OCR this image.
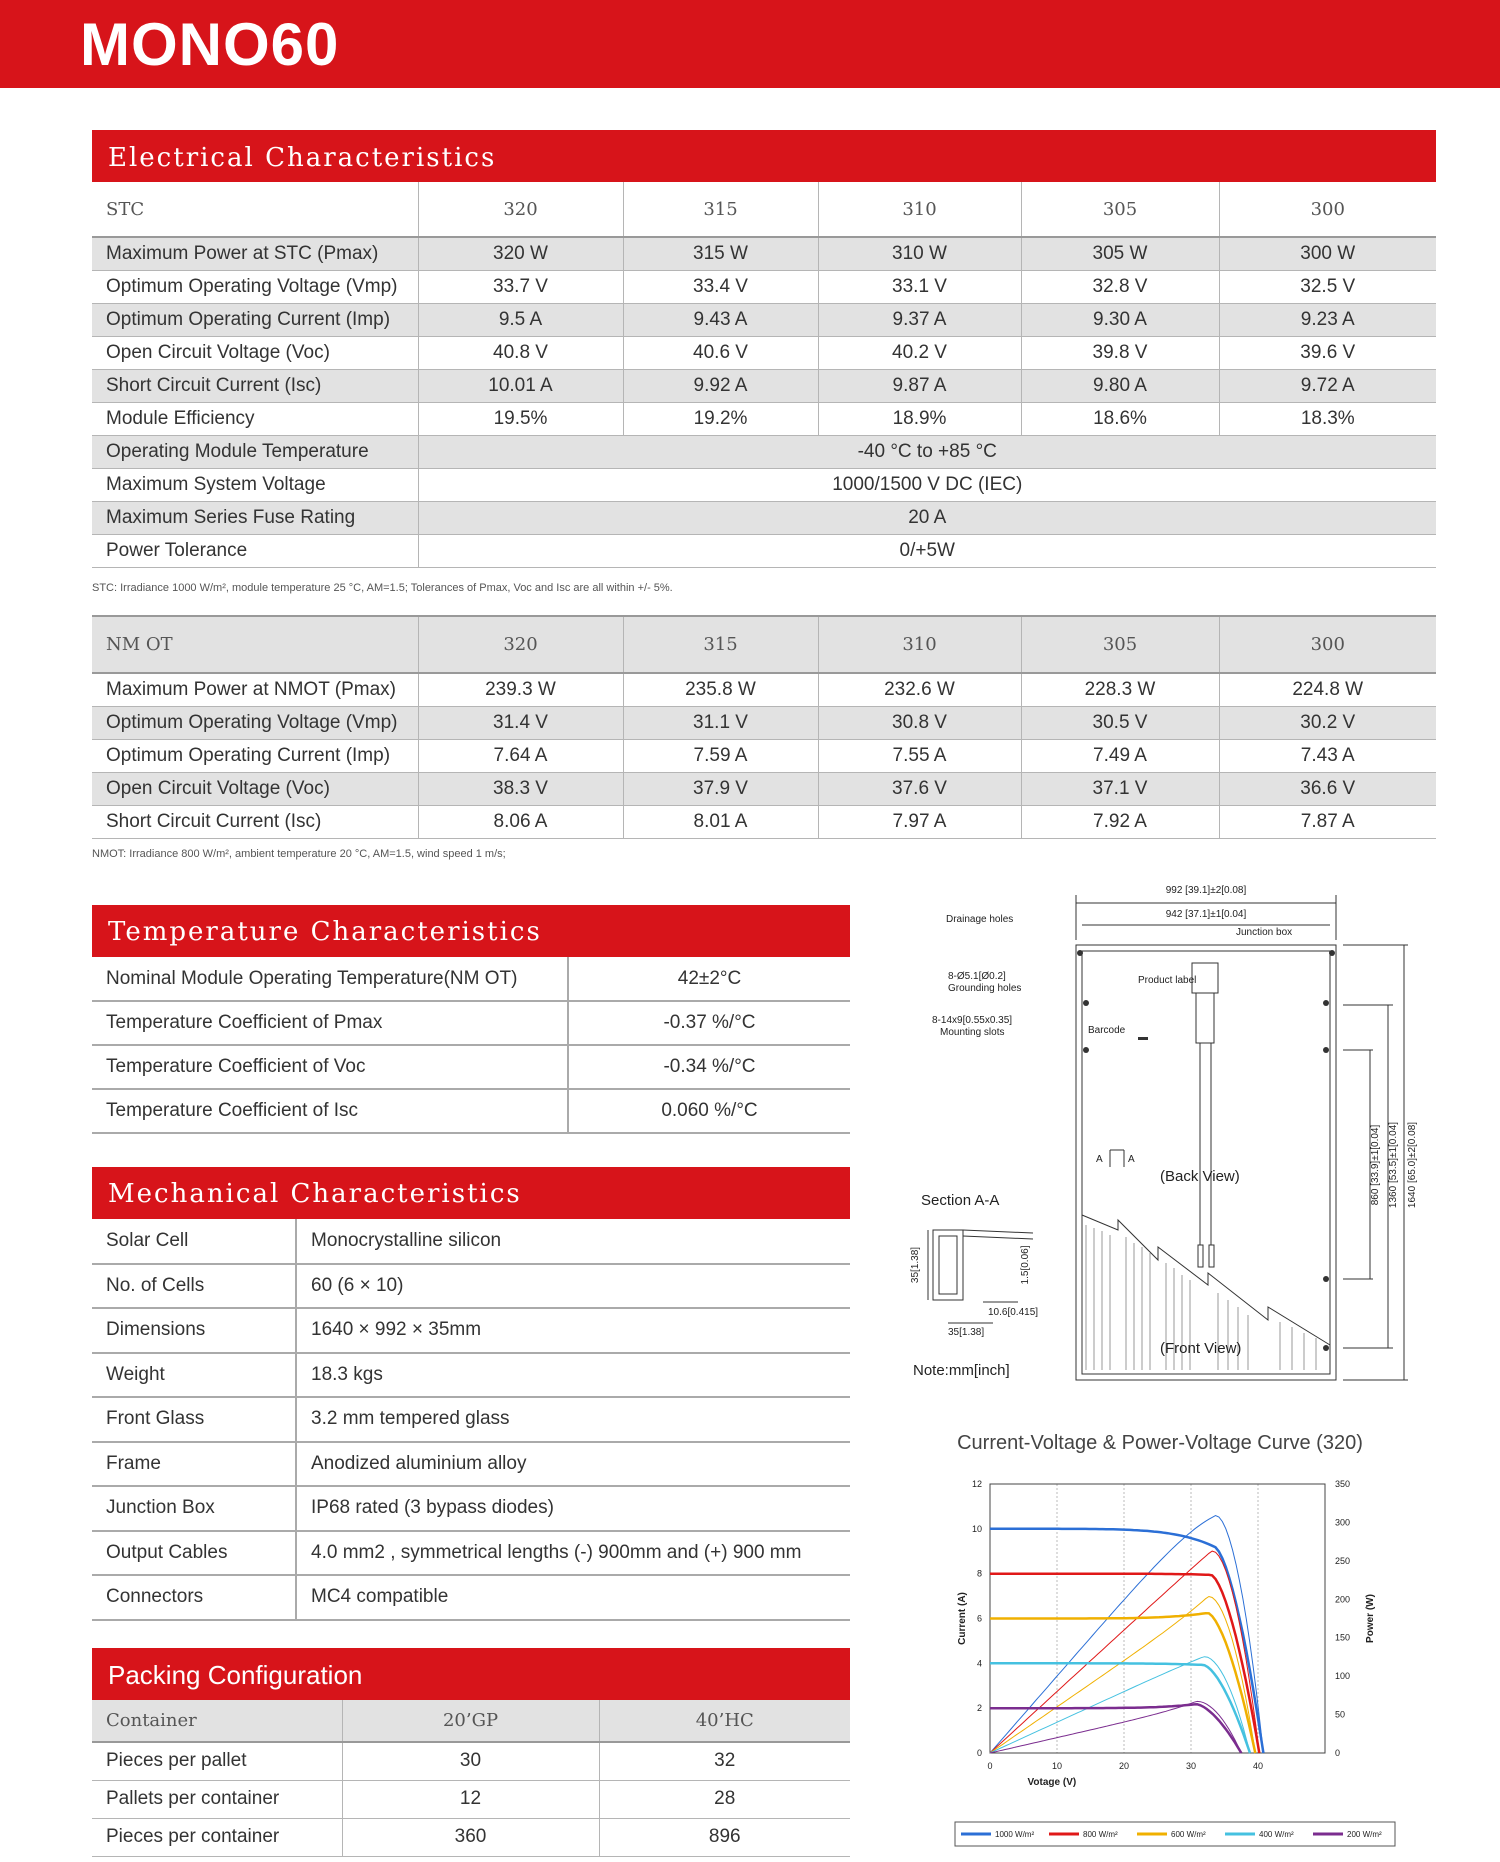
MONO60
Electrical Characteristics
STC	320	315	310	305	300
Maximum Power at STC (Pmax)	320 W	315 W	310 W	305 W	300 W
Optimum Operating Voltage (Vmp)	33.7 V	33.4 V	33.1 V	32.8 V	32.5 V
Optimum Operating Current (Imp)	9.5 A	9.43 A	9.37 A	9.30 A	9.23 A
Open Circuit Voltage (Voc)	40.8 V	40.6 V	40.2 V	39.8 V	39.6 V
Short Circuit Current (Isc)	10.01 A	9.92 A	9.87 A	9.80 A	9.72 A
Module Efficiency	19.5%	19.2%	18.9%	18.6%	18.3%
Operating Module Temperature	-40 °C to +85 °C				
Maximum System Voltage	1000/1500 V DC (IEC)				
Maximum Series Fuse Rating	20 A				
Power Tolerance	0/+5W				
STC: Irradiance 1000 W/m², module temperature 25 °C, AM=1.5; Tolerances of Pmax, Voc and Isc are all within +/- 5%.
NM OT	320	315	310	305	300
Maximum Power at NMOT (Pmax)	239.3 W	235.8 W	232.6 W	228.3 W	224.8 W
Optimum Operating Voltage (Vmp)	31.4 V	31.1 V	30.8 V	30.5 V	30.2 V
Optimum Operating Current (Imp)	7.64 A	7.59 A	7.55 A	7.49 A	7.43 A
Open Circuit Voltage (Voc)	38.3 V	37.9 V	37.6 V	37.1 V	36.6 V
Short Circuit Current (Isc)	8.06 A	8.01 A	7.97 A	7.92 A	7.87 A
NMOT: Irradiance 800 W/m², ambient temperature 20 °C, AM=1.5, wind speed 1 m/s;
Temperature Characteristics
Nominal Module Operating Temperature(NM OT)	42±2°C
Temperature Coefficient of Pmax	-0.37 %/°C
Temperature Coefficient of Voc	-0.34 %/°C
Temperature Coefficient of Isc	0.060 %/°C
Mechanical Characteristics
Solar Cell	Monocrystalline silicon
No. of Cells	60 (6 × 10)
Dimensions	1640 × 992 × 35mm
Weight	18.3 kgs
Front Glass	3.2 mm tempered glass
Frame	Anodized aluminium alloy
Junction Box	IP68 rated (3 bypass diodes)
Output Cables	4.0 mm2 , symmetrical lengths (-) 900mm and (+) 900 mm
Connectors	MC4 compatible
Packing Configuration
Container	20’GP	40’HC
Pieces per pallet	30	32
Pallets per container	12	28
Pieces per container	360	896
992 [39.1]±2[0.08]
942 [37.1]±1[0.04]
Drainage holes
Junction box
Product label
8-Ø5.1[Ø0.2]
Grounding holes
8-14x9[0.55x0.35]
Mounting slots	Barcode
A	A	860 [33.9]±1[0.04] 1360 [53.5]±1[0.04] 1640 [65.0]±2[0.08]
35[1.38]	1.5[0.06]
10.6[0.415]
35[1.38]
(Back View)
(Front View)
Section A-A
Note:mm[inch]
Current-Voltage & Power-Voltage Curve (320)
0	10	20	30	40
0
2
4
6
8
10
12
0
50
100
150
200
250
300
350
Votage (V)
Current (A)	Power (W)
1000 W/m²	800 W/m²	600 W/m²	400 W/m²	200 W/m²
